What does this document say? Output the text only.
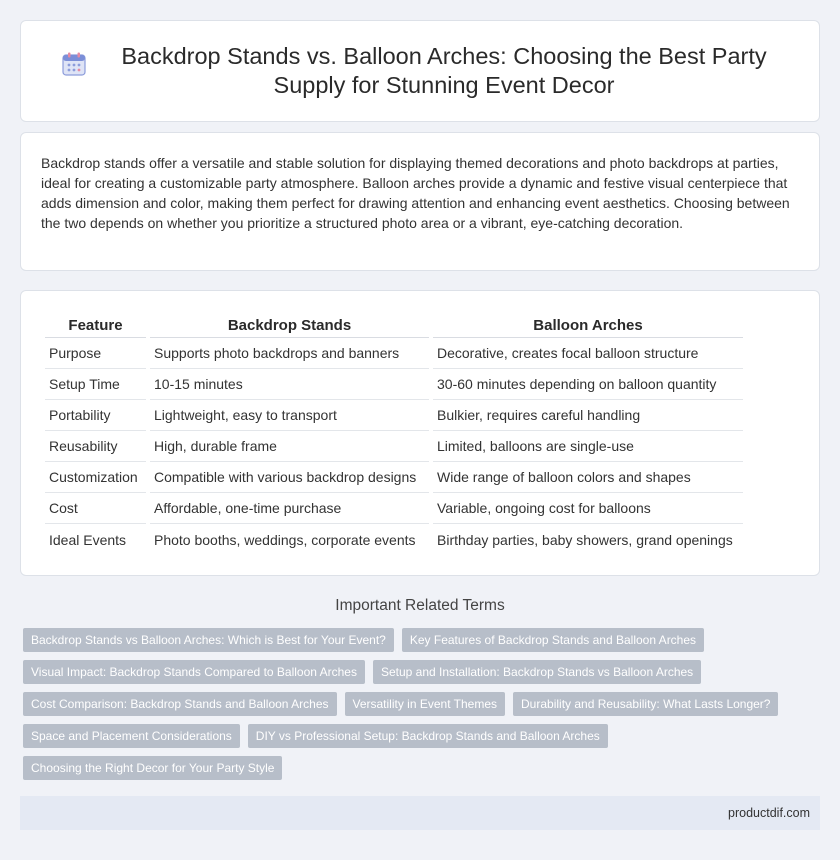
Backdrop Stands vs. Balloon Arches: Choosing the Best Party Supply for Stunning Event Decor

Backdrop stands offer a versatile and stable solution for displaying themed decorations and photo backdrops at parties, ideal for creating a customizable party atmosphere. Balloon arches provide a dynamic and festive visual centerpiece that adds dimension and color, making them perfect for drawing attention and enhancing event aesthetics. Choosing between the two depends on whether you prioritize a structured photo area or a vibrant, eye-catching decoration.

Feature	Backdrop Stands	Balloon Arches
Purpose	Supports photo backdrops and banners	Decorative, creates focal balloon structure
Setup Time	10-15 minutes	30-60 minutes depending on balloon quantity
Portability	Lightweight, easy to transport	Bulkier, requires careful handling
Reusability	High, durable frame	Limited, balloons are single-use
Customization	Compatible with various backdrop designs	Wide range of balloon colors and shapes
Cost	Affordable, one-time purchase	Variable, ongoing cost for balloons
Ideal Events	Photo booths, weddings, corporate events	Birthday parties, baby showers, grand openings
Important Related Terms
Backdrop Stands vs Balloon Arches: Which is Best for Your Event?	Key Features of Backdrop Stands and Balloon Arches
Visual Impact: Backdrop Stands Compared to Balloon Arches	Setup and Installation: Backdrop Stands vs Balloon Arches
Cost Comparison: Backdrop Stands and Balloon Arches	Versatility in Event Themes	Durability and Reusability: What Lasts Longer?
Space and Placement Considerations	DIY vs Professional Setup: Backdrop Stands and Balloon Arches
Choosing the Right Decor for Your Party Style
productdif.com
